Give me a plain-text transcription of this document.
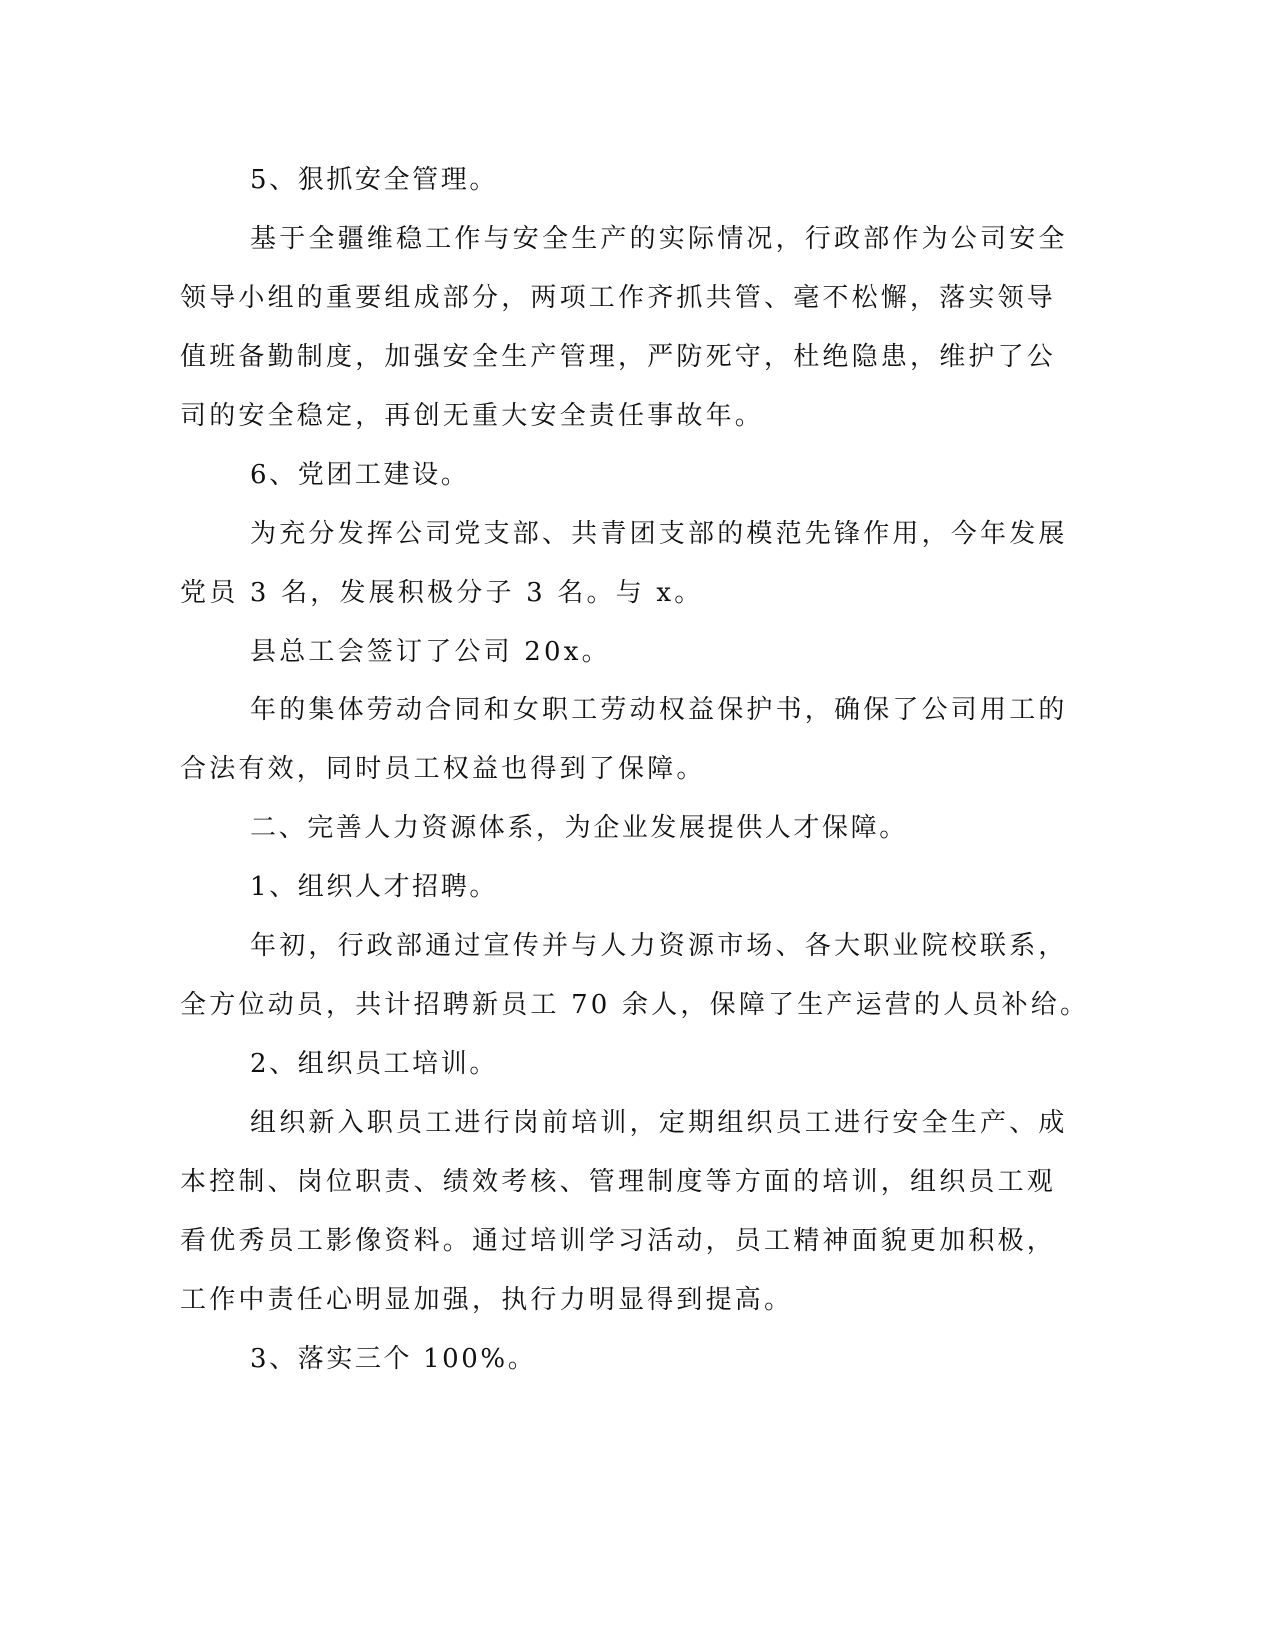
5、狠抓安全管理。
基于全疆维稳工作与安全生产的实际情况，行政部作为公司安全
领导小组的重要组成部分，两项工作齐抓共管、毫不松懈，落实领导
值班备勤制度，加强安全生产管理，严防死守，杜绝隐患，维护了公
司的安全稳定，再创无重大安全责任事故年。
6、党团工建设。
为充分发挥公司党支部、共青团支部的模范先锋作用，今年发展
党员 3 名，发展积极分子 3 名。与 x。
县总工会签订了公司 20x。
年的集体劳动合同和女职工劳动权益保护书，确保了公司用工的
合法有效，同时员工权益也得到了保障。
二、完善人力资源体系，为企业发展提供人才保障。
1、组织人才招聘。
年初，行政部通过宣传并与人力资源市场、各大职业院校联系，
全方位动员，共计招聘新员工 70 余人，保障了生产运营的人员补给。
2、组织员工培训。
组织新入职员工进行岗前培训，定期组织员工进行安全生产、成
本控制、岗位职责、绩效考核、管理制度等方面的培训，组织员工观
看优秀员工影像资料。通过培训学习活动，员工精神面貌更加积极，
工作中责任心明显加强，执行力明显得到提高。
3、落实三个 100%。
